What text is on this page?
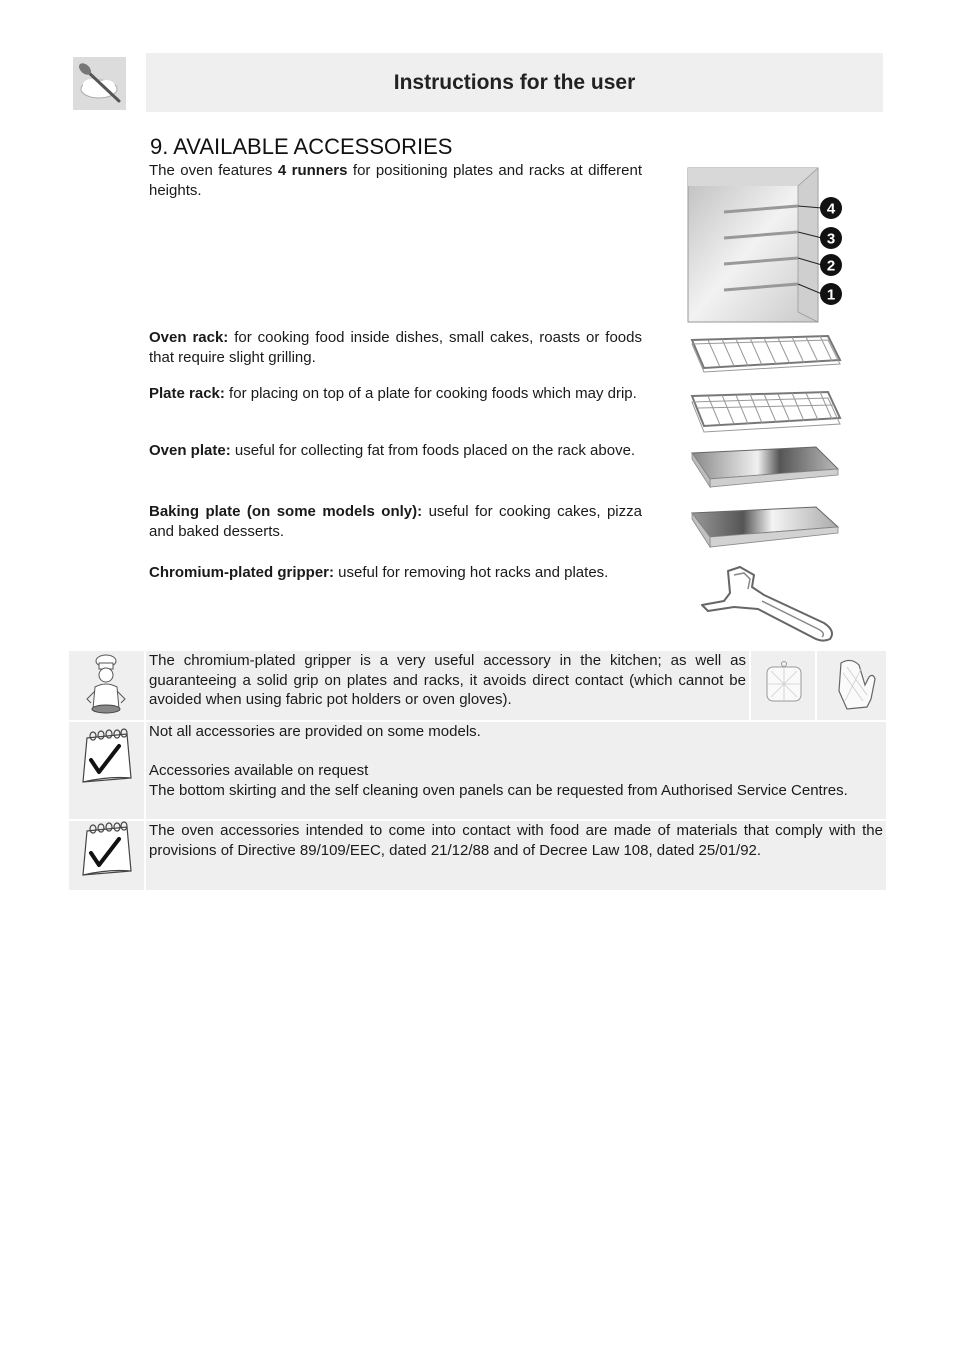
Instructions for the user
9. AVAILABLE ACCESSORIES
The oven features 4 runners for positioning plates and racks at different heights.
4
3
2
1
Oven rack: for cooking food inside dishes, small cakes, roasts or foods that require slight grilling.
Plate rack: for placing on top of a plate for cooking foods which may drip.
Oven plate: useful for collecting fat from foods placed on the rack above.
Baking plate (on some models only): useful for cooking cakes, pizza and baked desserts.
Chromium-plated gripper: useful for removing hot racks and plates.
The chromium-plated gripper is a very useful accessory in the kitchen; as well as guaranteeing a solid grip on plates and racks, it avoids direct contact (which cannot be avoided when using fabric pot holders or oven gloves).
Not all accessories are provided on some models.
Accessories available on request
The bottom skirting and the self cleaning oven panels can be requested from Authorised Service Centres.
The oven accessories intended to come into contact with food are made of materials that comply with the provisions of Directive 89/109/EEC, dated 21/12/88 and of Decree Law 108, dated 25/01/92.
